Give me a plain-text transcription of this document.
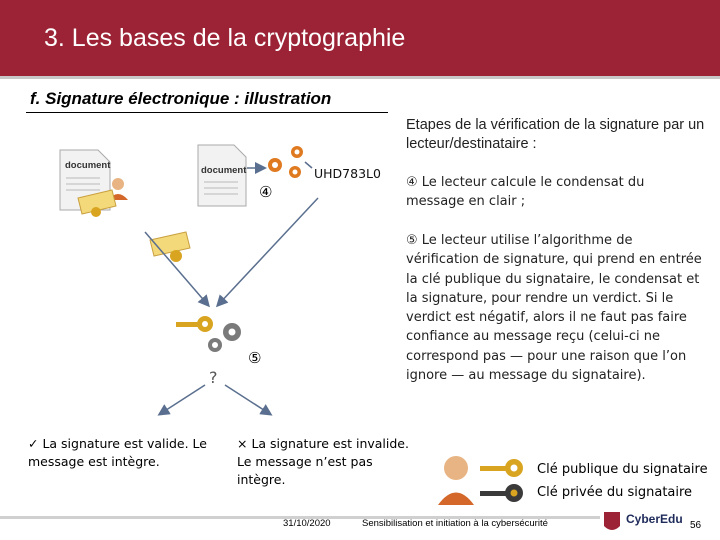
3. Les bases de la cryptographie
f. Signature électronique : illustration
document	document	UHD783L0
④
⑤
?
Etapes de la vérification de la signature par un lecteur/destinataire :
④ Le lecteur calcule le condensat du message en clair ;
⑤ Le lecteur utilise l’algorithme de vérification de signature, qui prend en entrée la clé publique du signataire, le condensat et la signature, pour rendre un verdict. Si le verdict est négatif, alors il ne faut pas faire confiance au message reçu (celui-ci ne correspond pas — pour une raison que l’on ignore — au message du signataire).
✓ La signature est valide. Le message est intègre.
× La signature est invalide. Le message n’est pas intègre.
Clé publique du signataire
Clé privée du signataire
31/10/2020	Sensibilisation et initiation à la cybersécurité	CyberEdu 56
